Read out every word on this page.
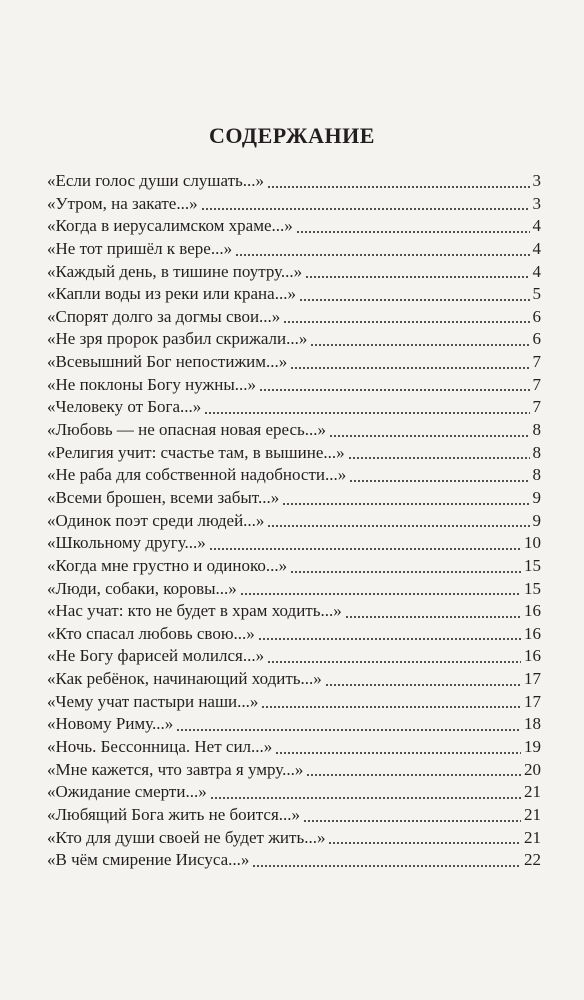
СОДЕРЖАНИЕ
«Если голос души слушать...»	3
«Утром, на закате...»	3
«Когда в иерусалимском храме...»	4
«Не тот пришёл к вере...»	4
«Каждый день, в тишине поутру...»	4
«Капли воды из реки или крана...»	5
«Спорят долго за догмы свои...»	6
«Не зря пророк разбил скрижали...»	6
«Всевышний Бог непостижим...»	7
«Не поклоны Богу нужны...»	7
«Человеку от Бога...»	7
«Любовь — не опасная новая ересь...»	8
«Религия учит: счастье там, в вышине...»	8
«Не раба для собственной надобности...»	8
«Всеми брошен, всеми забыт...»	9
«Одинок поэт среди людей...»	9
«Школьному другу...»	10
«Когда мне грустно и одиноко...»	15
«Люди, собаки, коровы...»	15
«Нас учат: кто не будет в храм ходить...»	16
«Кто спасал любовь свою...»	16
«Не Богу фарисей молился...»	16
«Как ребёнок, начинающий ходить...»	17
«Чему учат пастыри наши...»	17
«Новому Риму...»	18
«Ночь. Бессонница. Нет сил...»	19
«Мне кажется, что завтра я умру...»	20
«Ожидание смерти...»	21
«Любящий Бога жить не боится...»	21
«Кто для души своей не будет жить...»	21
«В чём смирение Иисуса...»	22
